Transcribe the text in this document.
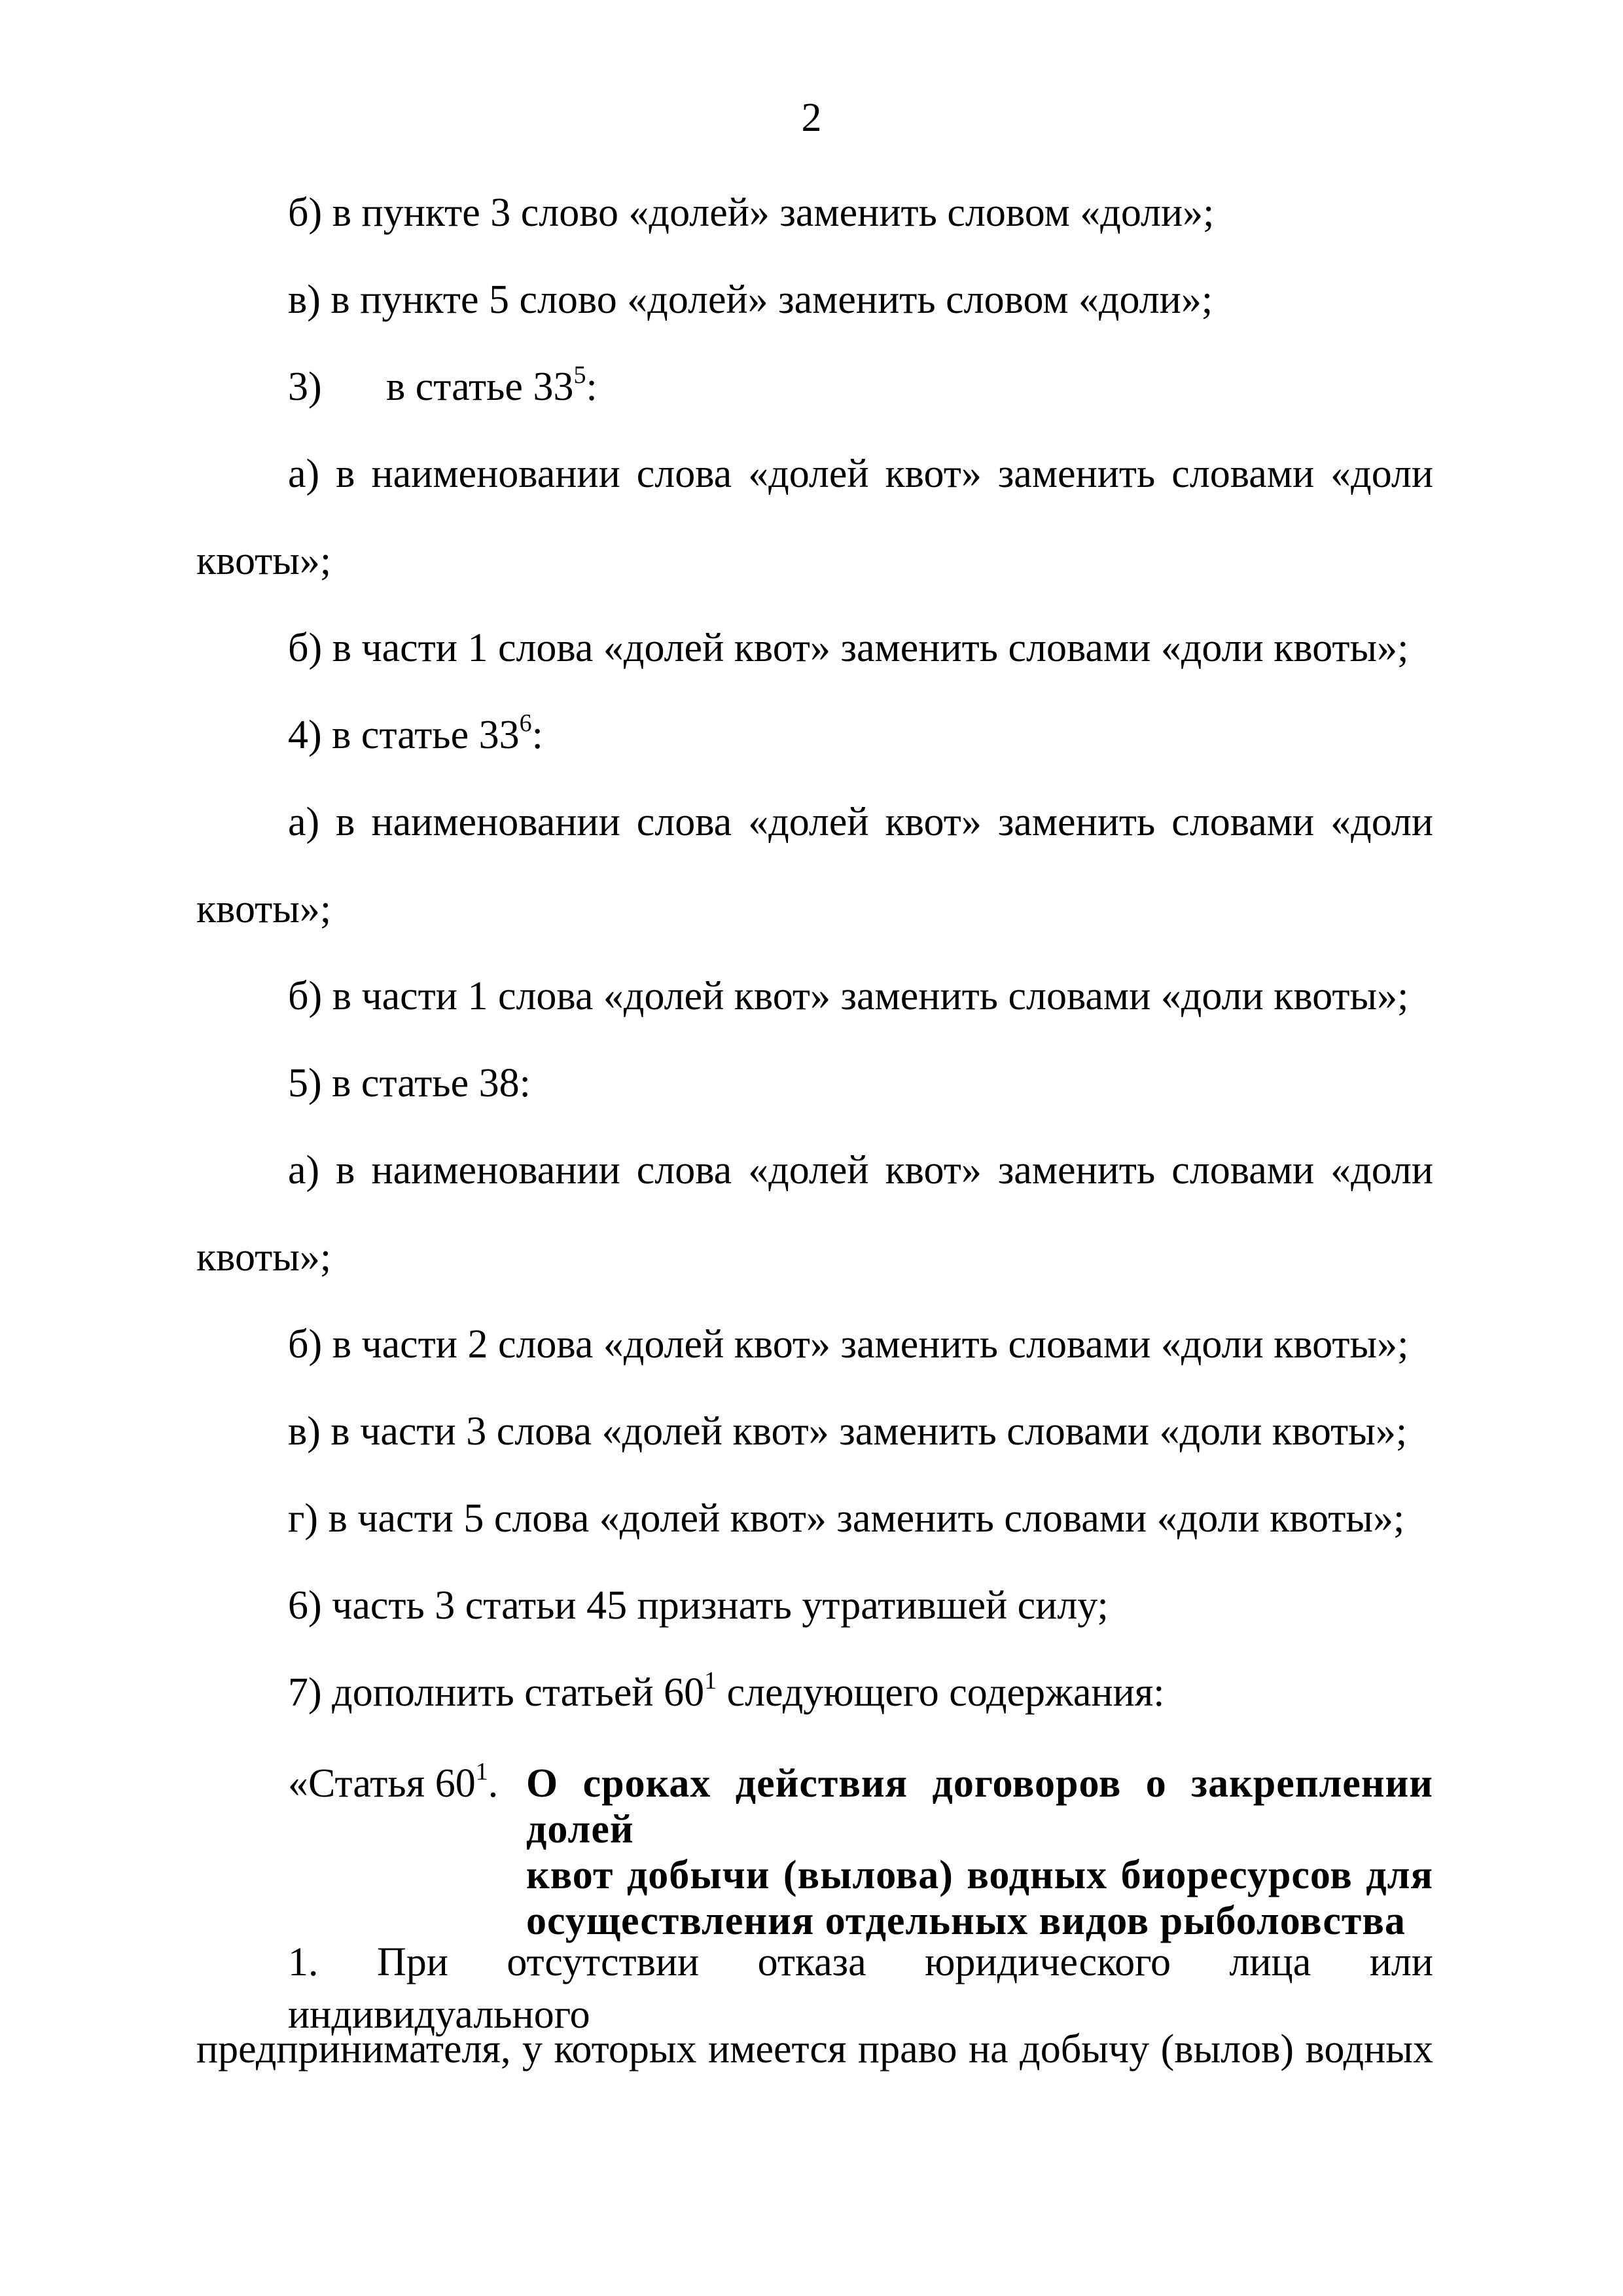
2
б) в пункте 3 слово «долей» заменить словом «доли»;
в) в пункте 5 слово «долей» заменить словом «доли»;
3) в статье $33^5$:
а) в наименовании слова «долей квот» заменить словами «доли
квоты»;
б) в части 1 слова «долей квот» заменить словами «доли квоты»;
4) в статье $33^6$:
а) в наименовании слова «долей квот» заменить словами «доли
квоты»;
б) в части 1 слова «долей квот» заменить словами «доли квоты»;
5) в статье 38:
а) в наименовании слова «долей квот» заменить словами «доли
квоты»;
б) в части 2 слова «долей квот» заменить словами «доли квоты»;
в) в части 3 слова «долей квот» заменить словами «доли квоты»;
г) в части 5 слова «долей квот» заменить словами «доли квоты»;
6) часть 3 статьи 45 признать утратившей силу;
7) дополнить статьей $60^1$ следующего содержания:
«Статья $60^1$. О сроках действия договоров о закреплении долей
квот добычи (вылова) водных биоресурсов для
осуществления отдельных видов рыболовства
1. При отсутствии отказа юридического лица или индивидуального
предпринимателя, у которых имеется право на добычу (вылов) водных
